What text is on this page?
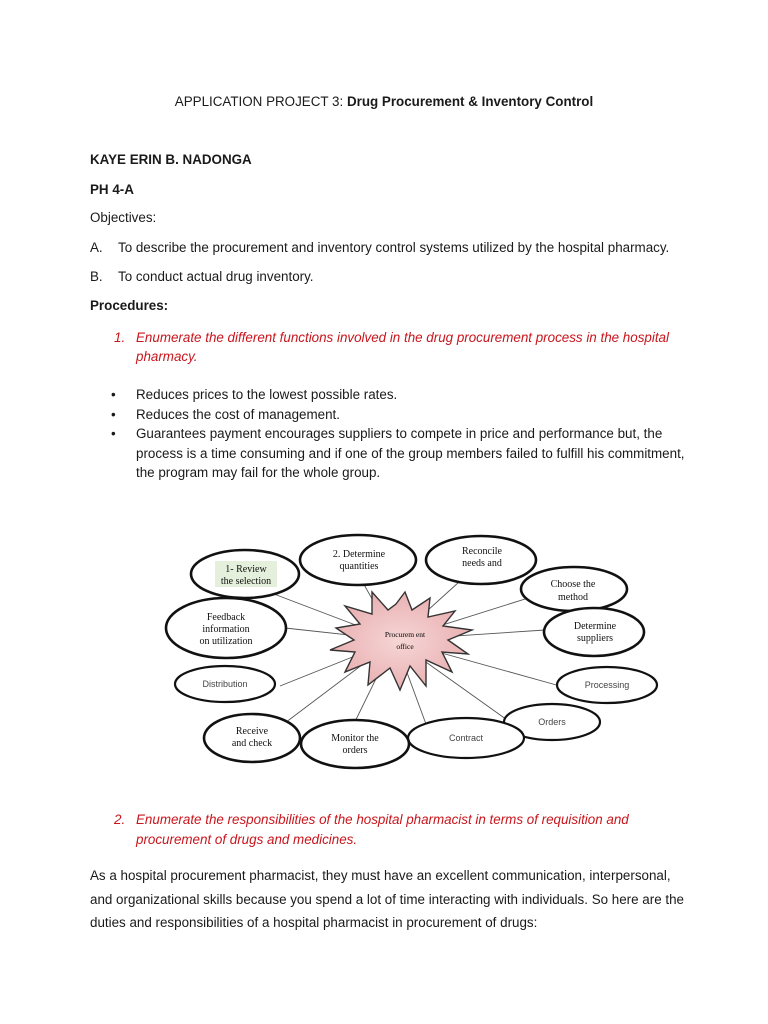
APPLICATION PROJECT 3: Drug Procurement & Inventory Control

KAYE ERIN B. NADONGA

PH 4-A

Objectives:

A. To describe the procurement and inventory control systems utilized by the hospital pharmacy.

B. To conduct actual drug inventory.

Procedures:

1. Enumerate the different functions involved in the drug procurement process in the hospital
pharmacy.
• Reduces prices to the lowest possible rates.
• Reduces the cost of management.
• Guarantees payment encourages suppliers to compete in price and performance but, the
process is a time consuming and if one of the group members failed to fulfill his commitment,
the program may fail for the whole group.
Procurem ent
office
1- Review
the selection
2. Determine
quantities
Reconcile
needs and
Choose the
method
Determine
suppliers
Feedback
information
on utilization
Receive
and check	Monitor the
orders
Distribution	Processing
Orders
Contract
2. Enumerate the responsibilities of the hospital pharmacist in terms of requisition and
procurement of drugs and medicines.
As a hospital procurement pharmacist, they must have an excellent communication, interpersonal,
and organizational skills because you spend a lot of time interacting with individuals. So here are the
duties and responsibilities of a hospital pharmacist in procurement of drugs:
